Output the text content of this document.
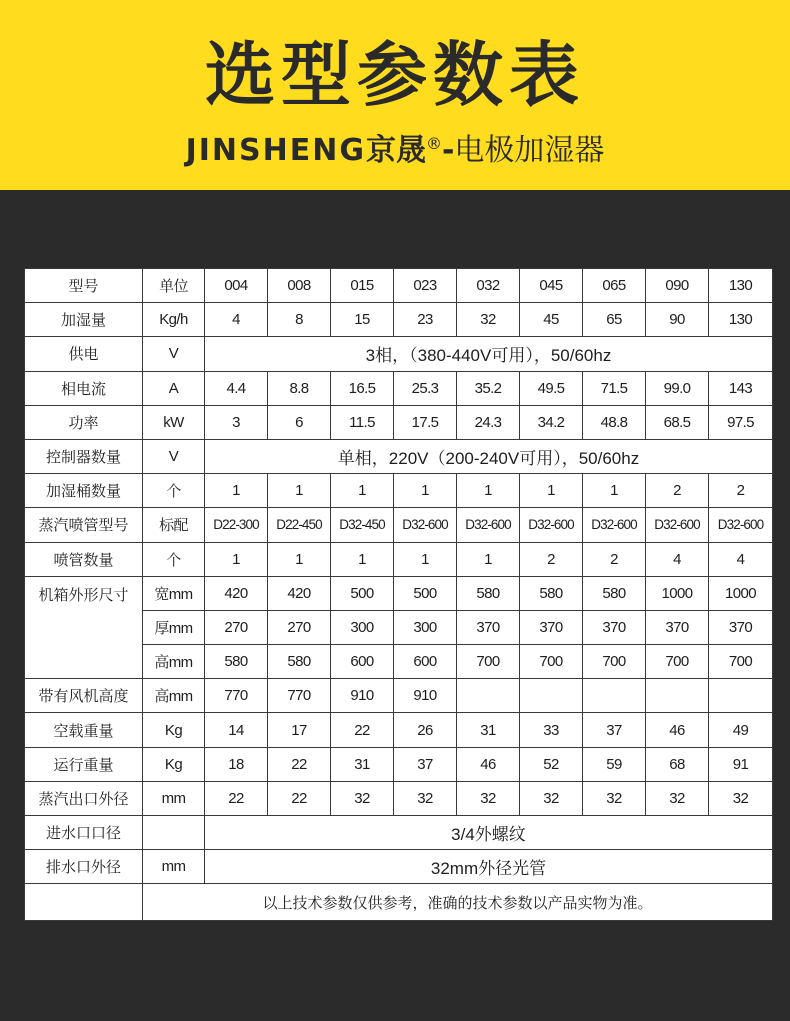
选型参数表
JINSHENG京晟®-电极加湿器
型号	单位	004	008	015	023	032	045	065	090	130
加湿量	Kg/h	4	8	15	23	32	45	65	90	130
供电	V	3相，（380-440V可用），50/60hz								
相电流	A	4.4	8.8	16.5	25.3	35.2	49.5	71.5	99.0	143
功率	kW	3	6	11.5	17.5	24.3	34.2	48.8	68.5	97.5
控制器数量	V	单相，220V（200-240V可用），50/60hz								
加湿桶数量	个	1	1	1	1	1	1	1	2	2
蒸汽喷管型号	标配	D22-300	D22-450	D32-450	D32-600	D32-600	D32-600	D32-600	D32-600	D32-600
喷管数量	个	1	1	1	1	1	2	2	4	4
机箱外形尺寸	宽mm	420	420	500	500	580	580	580	1000	1000
	厚mm	270	270	300	300	370	370	370	370	370
	高mm	580	580	600	600	700	700	700	700	700
带有风机高度	高mm	770	770	910	910					
空载重量	Kg	14	17	22	26	31	33	37	46	49
运行重量	Kg	18	22	31	37	46	52	59	68	91
蒸汽出口外径	mm	22	22	32	32	32	32	32	32	32
进水口口径		3/4外螺纹								
排水口外径	mm	32mm外径光管								
	以上技术参数仅供参考，准确的技术参数以产品实物为准。									
